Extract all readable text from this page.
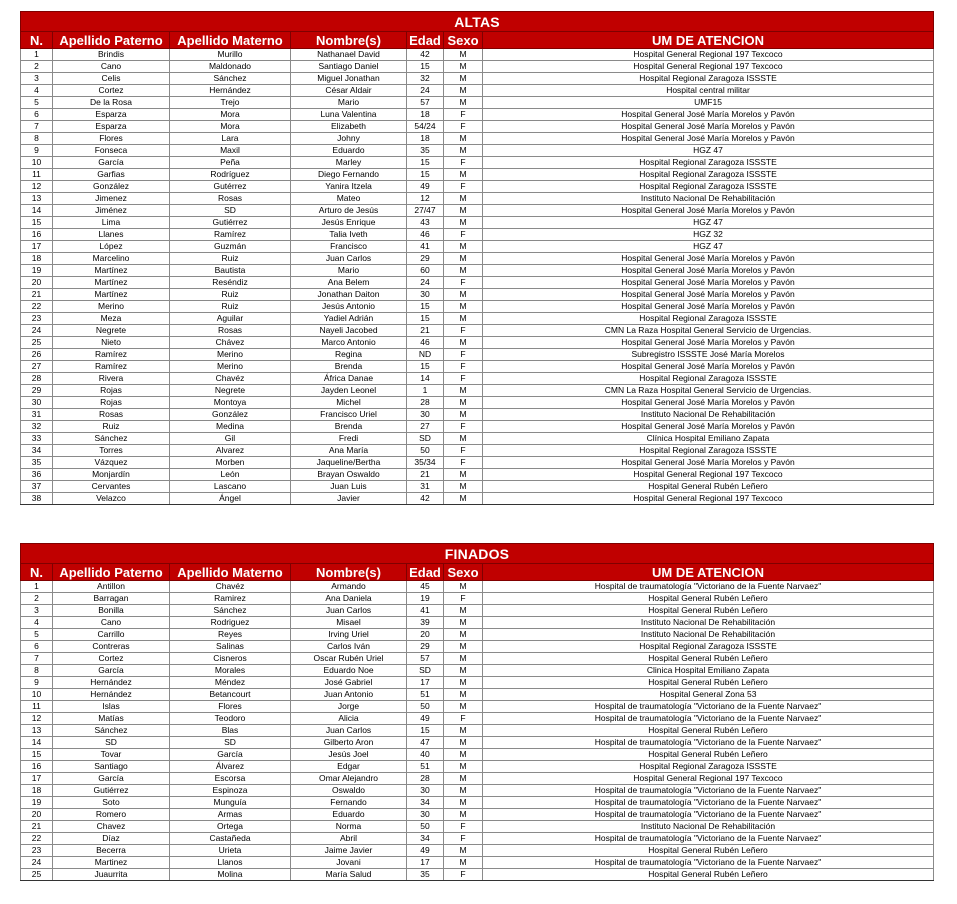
ALTAS						
N.	Apellido Paterno	Apellido Materno	Nombre(s)	Edad	Sexo	UM DE ATENCION
1	Brindis	Murillo	Nathanael David	42	M	Hospital General Regional 197 Texcoco
2	Cano	Maldonado	Santiago Daniel	15	M	Hospital General Regional 197 Texcoco
3	Celis	Sánchez	Miguel Jonathan	32	M	Hospital Regional Zaragoza ISSSTE
4	Cortez	Hernández	César Aldair	24	M	Hospital central militar
5	De la Rosa	Trejo	Mario	57	M	UMF15
6	Esparza	Mora	Luna Valentina	18	F	Hospital General José María Morelos y Pavón
7	Esparza	Mora	Elizabeth	54/24	F	Hospital General José María Morelos y Pavón
8	Flores	Lara	Johny	18	M	Hospital General José María Morelos y Pavón
9	Fonseca	Maxil	Eduardo	35	M	HGZ 47
10	García	Peña	Marley	15	F	Hospital Regional Zaragoza ISSSTE
11	Garfias	Rodríguez	Diego Fernando	15	M	Hospital Regional Zaragoza ISSSTE
12	González	Gutérrez	Yanira Itzela	49	F	Hospital Regional Zaragoza ISSSTE
13	Jimenez	Rosas	Mateo	12	M	Instituto Nacional De Rehabilitación
14	Jiménez	SD	Arturo de Jesús	27/47	M	Hospital General José María Morelos y Pavón
15	Lima	Gutiérrez	Jesús Enrique	43	M	HGZ 47
16	Llanes	Ramírez	Talia Iveth	46	F	HGZ 32
17	López	Guzmán	Francisco	41	M	HGZ 47
18	Marcelino	Ruiz	Juan Carlos	29	M	Hospital General José María Morelos y Pavón
19	Martínez	Bautista	Mario	60	M	Hospital General José María Morelos y Pavón
20	Martínez	Reséndiz	Ana Belem	24	F	Hospital General José María Morelos y Pavón
21	Martínez	Ruiz	Jonathan Daiton	30	M	Hospital General José María Morelos y Pavón
22	Merino	Ruiz	Jesús Antonio	15	M	Hospital General José María Morelos y Pavón
23	Meza	Aguilar	Yadiel Adrián	15	M	Hospital Regional Zaragoza ISSSTE
24	Negrete	Rosas	Nayeli Jacobed	21	F	CMN La Raza Hospital General Servicio de Urgencias.
25	Nieto	Chávez	Marco Antonio	46	M	Hospital General José María Morelos y Pavón
26	Ramírez	Merino	Regina	ND	F	Subregistro ISSSTE José María Morelos
27	Ramírez	Merino	Brenda	15	F	Hospital General José María Morelos y Pavón
28	Rivera	Chavéz	África Danae	14	F	Hospital Regional Zaragoza ISSSTE
29	Rojas	Negrete	Jayden Leonel	1	M	CMN La Raza Hospital General Servicio de Urgencias.
30	Rojas	Montoya	Michel	28	M	Hospital General José María Morelos y Pavón
31	Rosas	González	Francisco Uriel	30	M	Instituto Nacional De Rehabilitación
32	Ruiz	Medina	Brenda	27	F	Hospital General José María Morelos y Pavón
33	Sánchez	Gil	Fredi	SD	M	Clínica Hospital Emiliano Zapata
34	Torres	Alvarez	Ana María	50	F	Hospital Regional Zaragoza ISSSTE
35	Vázquez	Morben	Jaqueline/Bertha	35/34	F	Hospital General José María Morelos y Pavón
36	Monjardín	León	Brayan Oswaldo	21	M	Hospital General Regional 197 Texcoco
37	Cervantes	Lascano	Juan Luis	31	M	Hospital General Rubén Leñero
38	Velazco	Ángel	Javier	42	M	Hospital General Regional 197 Texcoco
FINADOS						
N.	Apellido Paterno	Apellido Materno	Nombre(s)	Edad	Sexo	UM DE ATENCION
1	Antillon	Chavéz	Armando	45	M	Hospital de traumatología "Victoriano de la Fuente Narvaez"
2	Barragan	Ramirez	Ana Daniela	19	F	Hospital General Rubén Leñero
3	Bonilla	Sánchez	Juan Carlos	41	M	Hospital General Rubén Leñero
4	Cano	Rodriguez	Misael	39	M	Instituto Nacional De Rehabilitación
5	Carrillo	Reyes	Irving Uriel	20	M	Instituto Nacional De Rehabilitación
6	Contreras	Salinas	Carlos Iván	29	M	Hospital Regional Zaragoza ISSSTE
7	Cortez	Cisneros	Oscar Rubén Uriel	57	M	Hospital General Rubén Leñero
8	García	Morales	Eduardo Noe	SD	M	Clinica Hospital Emiliano Zapata
9	Hernández	Méndez	José Gabriel	17	M	Hospital General Rubén Leñero
10	Hernández	Betancourt	Juan Antonio	51	M	Hospital General Zona 53
11	Islas	Flores	Jorge	50	M	Hospital de traumatología "Victoriano de la Fuente Narvaez"
12	Matías	Teodoro	Alicia	49	F	Hospital de traumatología "Victoriano de la Fuente Narvaez"
13	Sánchez	Blas	Juan Carlos	15	M	Hospital General Rubén Leñero
14	SD	SD	Gilberto Aron	47	M	Hospital de traumatología "Victoriano de la Fuente Narvaez"
15	Tovar	García	Jesús Joel	40	M	Hospital General Rubén Leñero
16	Santiago	Álvarez	Edgar	51	M	Hospital Regional Zaragoza ISSSTE
17	García	Escorsa	Omar Alejandro	28	M	Hospital General Regional 197 Texcoco
18	Gutiérrez	Espinoza	Oswaldo	30	M	Hospital de traumatología "Victoriano de la Fuente Narvaez"
19	Soto	Munguía	Fernando	34	M	Hospital de traumatología "Victoriano de la Fuente Narvaez"
20	Romero	Armas	Eduardo	30	M	Hospital de traumatología "Victoriano de la Fuente Narvaez"
21	Chavez	Ortega	Norma	50	F	Instituto Nacional De Rehabilitación
22	Díaz	Castañeda	Abril	34	F	Hospital de traumatología "Victoriano de la Fuente Narvaez"
23	Becerra	Urieta	Jaime Javier	49	M	Hospital General Rubén Leñero
24	Martinez	Llanos	Jovani	17	M	Hospital de traumatología "Victoriano de la Fuente Narvaez"
25	Juaurrita	Molina	María Salud	35	F	Hospital General Rubén Leñero
